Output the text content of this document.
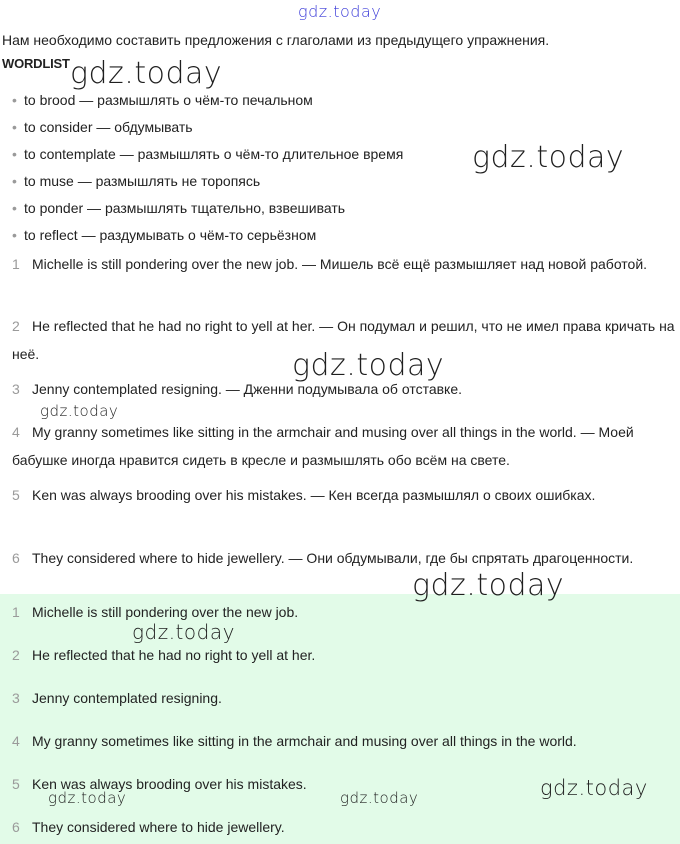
gdz.today
Нам необходимо составить предложения с глаголами из предыдущего упражнения.
WORDLIST
• to brood — размышлять о чём-то печальном
• to consider — обдумывать
• to contemplate — размышлять о чём-то длительное время
• to muse — размышлять не торопясь
• to ponder — размышлять тщательно, взвешивать
• to reflect — раздумывать о чём-то серьёзном
1 Michelle is still pondering over the new job. — Мишель всё ещё размышляет над новой работой.
2 He reflected that he had no right to yell at her. — Он подумал и решил, что не имел права кричать на неё.
3 Jenny contemplated resigning. — Дженни подумывала об отставке.
4 My granny sometimes like sitting in the armchair and musing over all things in the world. — Моей бабушке иногда нравится сидеть в кресле и размышлять обо всём на свете.
5 Ken was always brooding over his mistakes. — Кен всегда размышлял о своих ошибках.
6 They considered where to hide jewellery. — Они обдумывали, где бы спрятать драгоценности.
1 Michelle is still pondering over the new job.
2 He reflected that he had no right to yell at her.
3 Jenny contemplated resigning.
4 My granny sometimes like sitting in the armchair and musing over all things in the world.
5 Ken was always brooding over his mistakes.
6 They considered where to hide jewellery.
gdz.today
gdz.today
gdz.today
gdz.today
gdz.today
gdz.today
gdz.today	gdz.today	gdz.today
